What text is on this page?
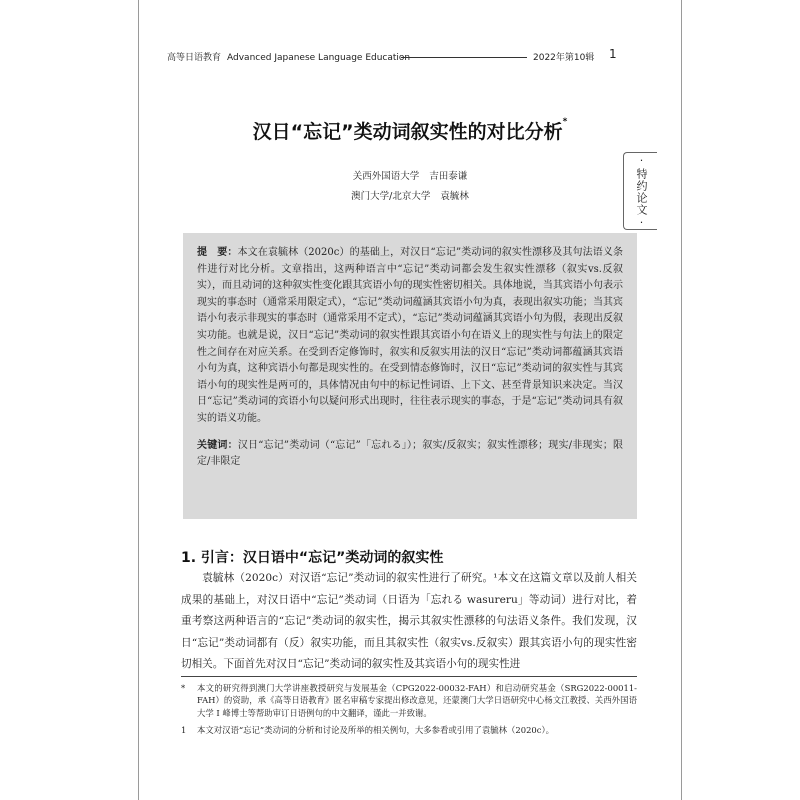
高等日语教育 Advanced Japanese Language Education	2022年第10辑 1
汉日“忘记”类动词叙实性的对比分析*
关西外国语大学 吉田泰谦
澳门大学/北京大学 袁毓林
提　要：本文在袁毓林（2020c）的基础上，对汉日“忘记”类动词的叙实性漂移及其句法语义条件进行对比分析。文章指出，这两种语言中“忘记”类动词都会发生叙实性漂移（叙实vs.反叙实），而且动词的这种叙实性变化跟其宾语小句的现实性密切相关。具体地说，当其宾语小句表示现实的事态时（通常采用限定式），“忘记”类动词蕴涵其宾语小句为真，表现出叙实功能；当其宾语小句表示非现实的事态时（通常采用不定式），“忘记”类动词蕴涵其宾语小句为假，表现出反叙实功能。也就是说，汉日“忘记”类动词的叙实性跟其宾语小句在语义上的现实性与句法上的限定性之间存在对应关系。在受到否定修饰时，叙实和反叙实用法的汉日“忘记”类动词都蕴涵其宾语小句为真，这种宾语小句都是现实性的。在受到情态修饰时，汉日“忘记”类动词的叙实性与其宾语小句的现实性是两可的，具体情况由句中的标记性词语、上下文、甚至背景知识来决定。当汉日“忘记”类动词的宾语小句以疑问形式出现时，往往表示现实的事态，于是“忘记”类动词具有叙实的语义功能。
关键词：汉日“忘记”类动词（“忘记”「忘れる」）；叙实/反叙实；叙实性漂移；现实/非现实；限定/非限定
1. 引言：汉日语中“忘记”类动词的叙实性

袁毓林（2020c）对汉语“忘记”类动词的叙实性进行了研究。¹本文在这篇文章以及前人相关成果的基础上，对汉日语中“忘记”类动词（日语为「忘れる wasureru」等动词）进行对比，着重考察这两种语言的“忘记”类动词的叙实性，揭示其叙实性漂移的句法语义条件。我们发现，汉日“忘记”类动词都有（反）叙实功能，而且其叙实性（叙实vs.反叙实）跟其宾语小句的现实性密切相关。下面首先对汉日“忘记”类动词的叙实性及其宾语小句的现实性进

*	本文的研究得到澳门大学讲座教授研究与发展基金（CPG2022-00032-FAH）和启动研究基金（SRG2022-00011-FAH）的资助，承《高等日语教育》匿名审稿专家提出修改意见，还蒙澳门大学日语研究中心杨文江教授、关西外国语大学 I 峰博士等帮助审订日语例句的中文翻译，谨此一并致谢。
1	本文对汉语“忘记”类动词的分析和讨论及所举的相关例句，大多参看或引用了袁毓林（2020c）。
·特约论文·
